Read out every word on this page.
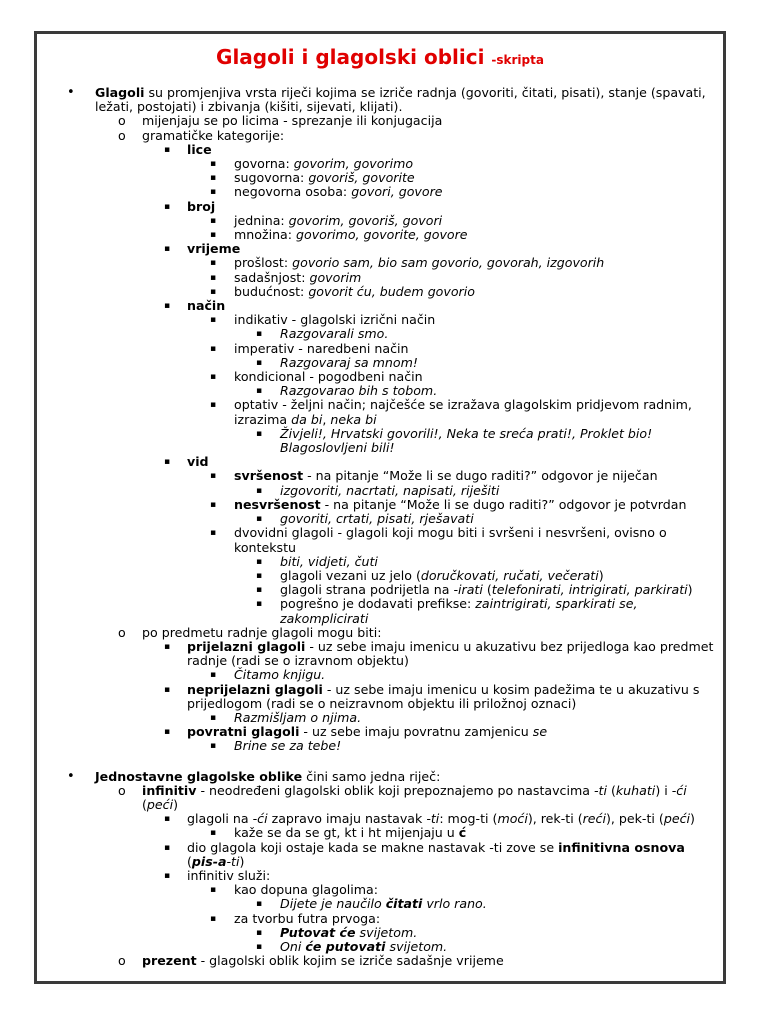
Glagoli i glagolski oblici -skripta
• Glagoli su promjenjiva vrsta riječi kojima se izriče radnja (govoriti, čitati, pisati), stanje (spavati, ležati, postojati) i zbivanja (kišiti, sijevati, klijati).
o mijenjaju se po licima - sprezanje ili konjugacija
o gramatičke kategorije:
▪ lice
▪ govorna: govorim, govorimo
▪ sugovorna: govoriš, govorite
▪ negovorna osoba: govori, govore
▪ broj
▪ jednina: govorim, govoriš, govori
▪ množina: govorimo, govorite, govore
▪ vrijeme
▪ prošlost: govorio sam, bio sam govorio, govorah, izgovorih
▪ sadašnjost: govorim
▪ budućnost: govorit ću, budem govorio
▪ način
▪ indikativ - glagolski izrični način
▪ Razgovarali smo.
▪ imperativ - naredbeni način
▪ Razgovaraj sa mnom!
▪ kondicional - pogodbeni način
▪ Razgovarao bih s tobom.
▪ optativ - željni način; najčešće se izražava glagolskim pridjevom radnim, izrazima da bi, neka bi
▪ Živjeli!, Hrvatski govorili!, Neka te sreća prati!, Proklet bio! Blagoslovljeni bili!
▪ vid
▪ svršenost - na pitanje “Može li se dugo raditi?” odgovor je niječan
▪ izgovoriti, nacrtati, napisati, riješiti
▪ nesvršenost - na pitanje “Može li se dugo raditi?” odgovor je potvrdan
▪ govoriti, crtati, pisati, rješavati
▪ dvovidni glagoli - glagoli koji mogu biti i svršeni i nesvršeni, ovisno o kontekstu
▪ biti, vidjeti, čuti
▪ glagoli vezani uz jelo (doručkovati, ručati, večerati)
▪ glagoli strana podrijetla na -irati (telefonirati, intrigirati, parkirati)
▪ pogrešno je dodavati prefikse: zaintrigirati, sparkirati se, zakomplicirati
o po predmetu radnje glagoli mogu biti:
▪ prijelazni glagoli - uz sebe imaju imenicu u akuzativu bez prijedloga kao predmet radnje (radi se o izravnom objektu)
▪ Čitamo knjigu.
▪ neprijelazni glagoli - uz sebe imaju imenicu u kosim padežima te u akuzativu s prijedlogom (radi se o neizravnom objektu ili priložnoj oznaci)
▪ Razmišljam o njima.
▪ povratni glagoli - uz sebe imaju povratnu zamjenicu se
▪ Brine se za tebe!
• Jednostavne glagolske oblike čini samo jedna riječ:
o infinitiv - neodređeni glagolski oblik koji prepoznajemo po nastavcima -ti (kuhati) i -ći (peći)
▪ glagoli na -ći zapravo imaju nastavak -ti: mog-ti (moći), rek-ti (reći), pek-ti (peći)
▪ kaže se da se gt, kt i ht mijenjaju u ć
▪ dio glagola koji ostaje kada se makne nastavak -ti zove se infinitivna osnova (pis-a-ti)
▪ infinitiv služi:
▪ kao dopuna glagolima:
▪ Dijete je naučilo čitati vrlo rano.
▪ za tvorbu futra prvoga:
▪ Putovat će svijetom.
▪ Oni će putovati svijetom.
o prezent - glagolski oblik kojim se izriče sadašnje vrijeme
